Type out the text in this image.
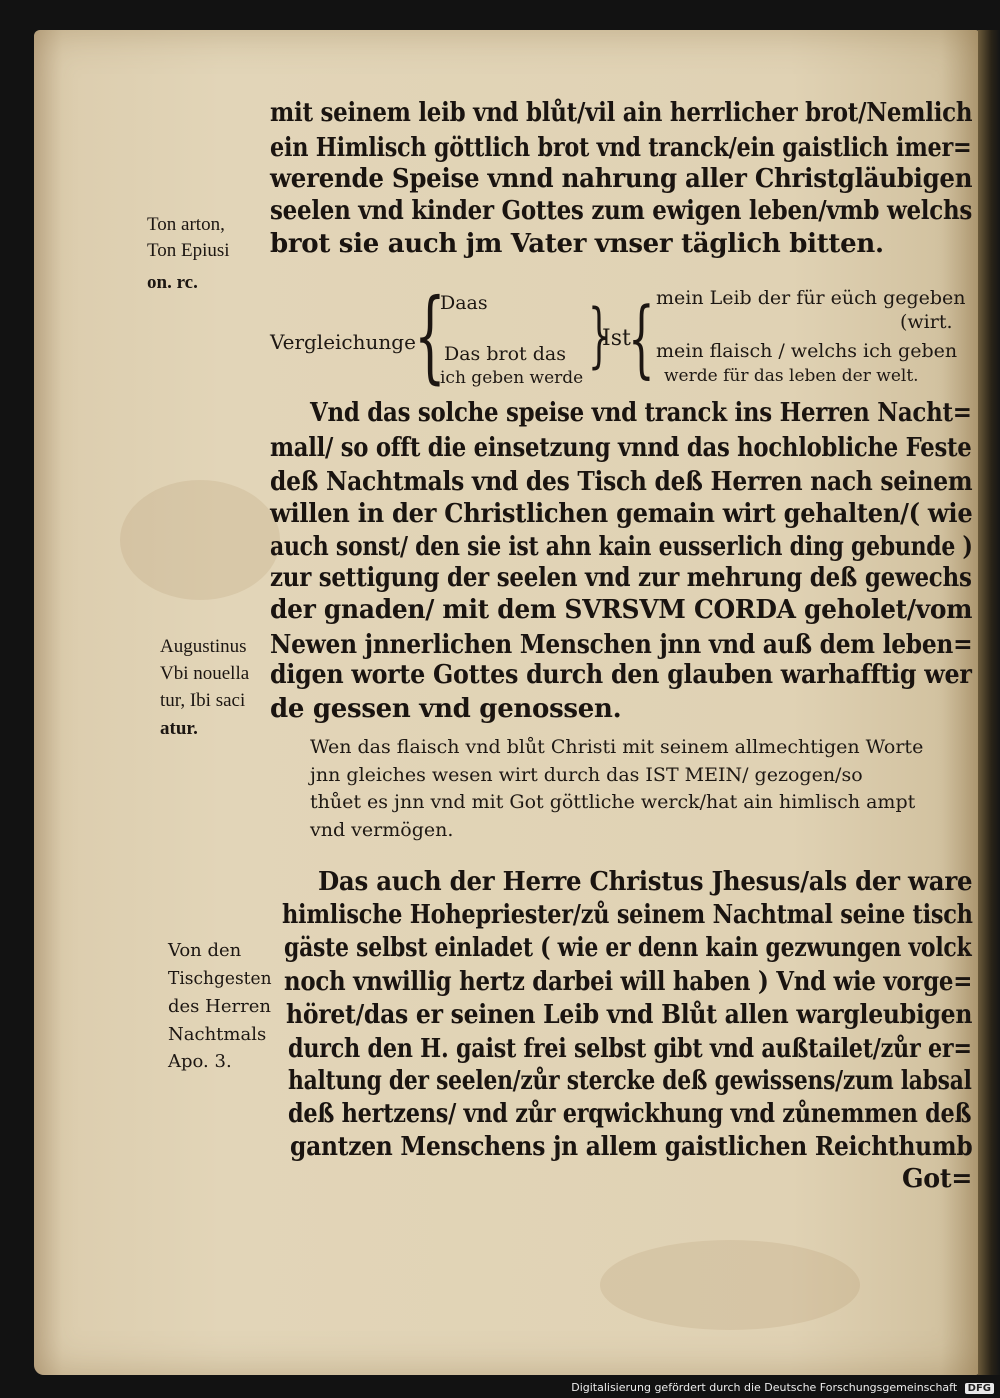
mit seinem leib vnd blůt/vil ain herrlicher brot/Nemlich
ein Himlisch göttlich brot vnd tranck/ein gaistlich imer=
werende Speise vnnd nahrung aller Christgläubigen
seelen vnd kinder Gottes zum ewigen leben/vmb welchs
brot sie auch jm Vater vnser täglich bitten.
Ton arton,
Ton Epiusi
on. rc.
Vergleichunge
{
Daas
Das brot das
ich geben werde
}
Ist
{ mein Leib der für eüch gegeben
(wirt.
mein flaisch / welchs ich geben
werde für das leben der welt.
Vnd das solche speise vnd tranck ins Herren Nacht=
mall/ so offt die einsetzung vnnd das hochlobliche Feste
deß Nachtmals vnd des Tisch deß Herren nach seinem
willen in der Christlichen gemain wirt gehalten/( wie
auch sonst/ den sie ist ahn kain eusserlich ding gebunde )
zur settigung der seelen vnd zur mehrung deß gewechs
der gnaden/ mit dem SVRSVM CORDA geholet/vom
Newen jnnerlichen Menschen jnn vnd auß dem leben=
digen worte Gottes durch den glauben warhafftig wer
de gessen vnd genossen.
Augustinus
Vbi nouella
tur, Ibi saci
atur.
Wen das flaisch vnd blůt Christi mit seinem allmechtigen Worte
jnn gleiches wesen wirt durch das IST MEIN/ gezogen/so
thůet es jnn vnd mit Got göttliche werck/hat ain himlisch ampt
vnd vermögen.
Das auch der Herre Christus Jhesus/als der ware
himlische Hohepriester/zů seinem Nachtmal seine tisch
gäste selbst einladet ( wie er denn kain gezwungen volck
noch vnwillig hertz darbei will haben ) Vnd wie vorge=
höret/das er seinen Leib vnd Blůt allen wargleubigen
durch den H. gaist frei selbst gibt vnd außtailet/zůr er=
haltung der seelen/zůr stercke deß gewissens/zum labsal
deß hertzens/ vnd zůr erqwickhung vnd zůnemmen deß
gantzen Menschens jn allem gaistlichen Reichthumb
Got=
Von den
Tischgesten
des Herren
Nachtmals
Apo. 3.
Digitalisierung gefördert durch die Deutsche Forschungsgemeinschaft DFG
